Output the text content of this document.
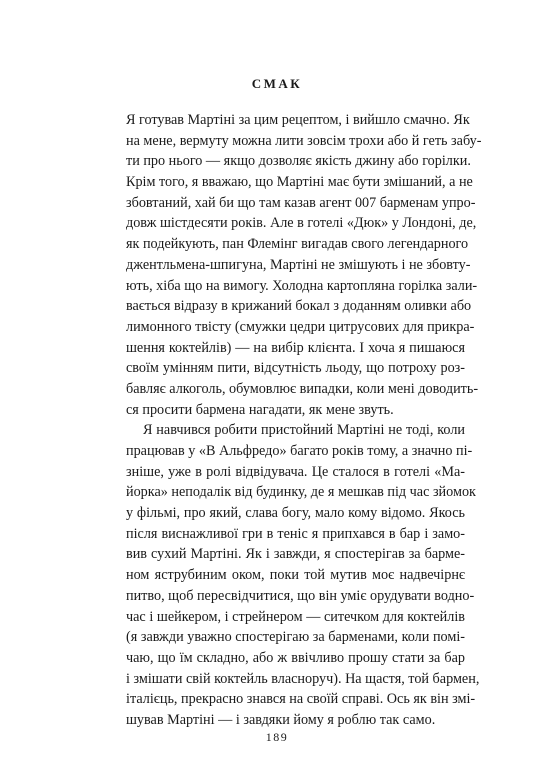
СМАК

Я готував Мартіні за цим рецептом, і вийшло смачно. Як
на мене, вермуту можна лити зовсім трохи або й геть забу-
ти про нього — якщо дозволяє якість джину або горілки.
Крім того, я вважаю, що Мартіні має бути змішаний, а не
збовтаний, хай би що там казав агент 007 барменам упро-
довж шістдесяти років. Але в готелі «Дюк» у Лондоні, де,
як подейкують, пан Флемінг вигадав свого легендарного
джентльмена-шпигуна, Мартіні не змішують і не збовту-
ють, хіба що на вимогу. Холодна картопляна горілка зали-
вається відразу в крижаний бокал з доданням оливки або
лимонного твісту (смужки цедри цитрусових для прикра-
шення коктейлів) — на вибір клієнта. І хоча я пишаюся
своїм умінням пити, відсутність льоду, що потроху роз-
бавляє алкоголь, обумовлює випадки, коли мені доводить-
ся просити бармена нагадати, як мене звуть.

Я навчився робити пристойний Мартіні не тоді, коли
працював у «В Альфредо» багато років тому, а значно пі-
зніше, уже в ролі відвідувача. Це сталося в готелі «Ма-
йорка» неподалік від будинку, де я мешкав під час зйомок
у фільмі, про який, слава богу, мало кому відомо. Якось
після виснажливої гри в теніс я припхався в бар і замо-
вив сухий Мартіні. Як і завжди, я спостерігав за бармe-
ном яструбиним оком, поки той мутив моє надвечірнє
питво, щоб пересвідчитися, що він уміє орудувати водно-
час і шейкером, і стрейнером — ситечком для коктейлів
(я завжди уважно спостерігаю за барменами, коли помі-
чаю, що їм складно, або ж ввічливо прошу стати за бар
і змішати свій коктейль власноруч). На щастя, той бармен,
італієць, прекрасно знався на своїй справі. Ось як він змі-
шував Мартіні — і завдяки йому я роблю так само.

189
